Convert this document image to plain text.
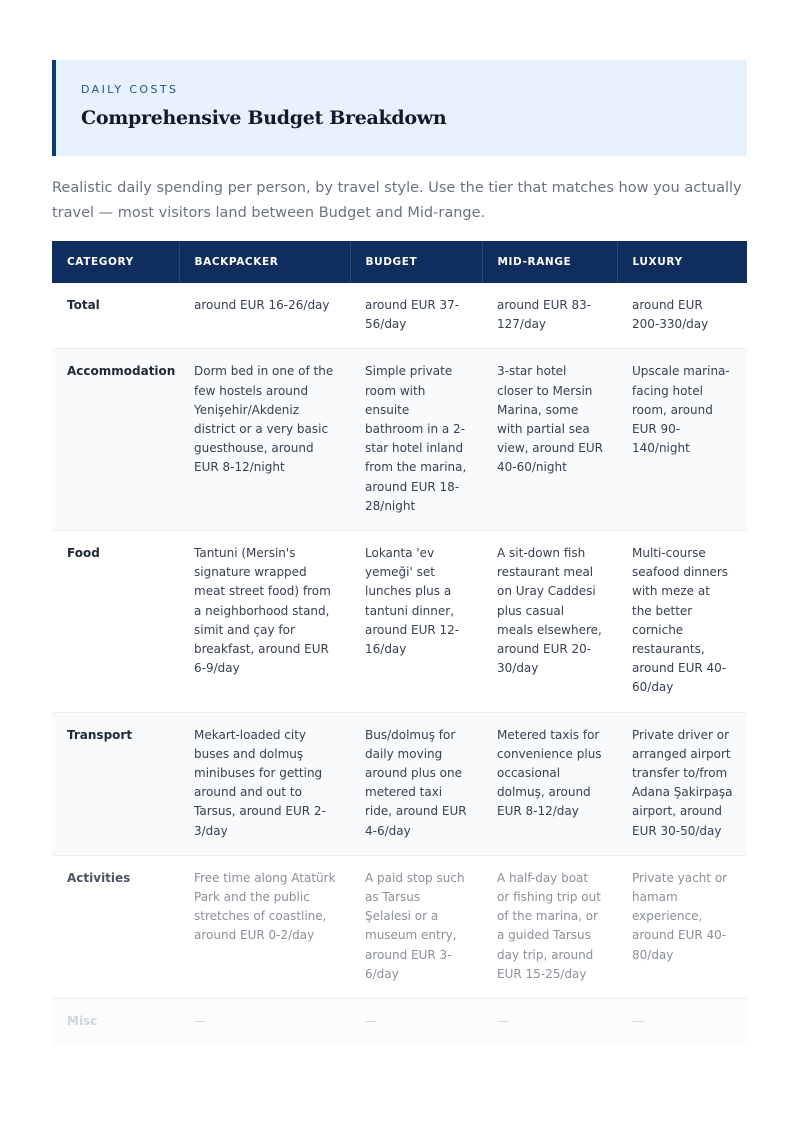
DAILY COSTS
Comprehensive Budget Breakdown

Realistic daily spending per person, by travel style. Use the tier that matches how you actually travel — most visitors land between Budget and Mid-range.

CATEGORY	BACKPACKER	BUDGET	MID-RANGE	LUXURY
Total	around EUR 16-26/day	around EUR 37-56/day	around EUR 83-127/day	around EUR 200-330/day
Accommodation	Dorm bed in one of the few hostels around Yenişehir/Akdeniz district or a very basic guesthouse, around EUR 8-12/night	Simple private room with ensuite bathroom in a 2-star hotel inland from the marina, around EUR 18-28/night	3-star hotel closer to Mersin Marina, some with partial sea view, around EUR 40-60/night	Upscale marina-facing hotel room, around EUR 90-140/night
Food	Tantuni (Mersin's signature wrapped meat street food) from a neighborhood stand, simit and çay for breakfast, around EUR 6-9/day	Lokanta 'ev yemeği' set lunches plus a tantuni dinner, around EUR 12-16/day	A sit-down fish restaurant meal on Uray Caddesi plus casual meals elsewhere, around EUR 20-30/day	Multi-course seafood dinners with meze at the better corniche restaurants, around EUR 40-60/day
Transport	Mekart-loaded city buses and dolmuş minibuses for getting around and out to Tarsus, around EUR 2-3/day	Bus/dolmuş for daily moving around plus one metered taxi ride, around EUR 4-6/day	Metered taxis for convenience plus occasional dolmuş, around EUR 8-12/day	Private driver or arranged airport transfer to/from Adana Şakirpaşa airport, around EUR 30-50/day
Activities	Free time along Atatürk Park and the public stretches of coastline, around EUR 0-2/day	A paid stop such as Tarsus Şelalesi or a museum entry, around EUR 3-6/day	A half-day boat or fishing trip out of the marina, or a guided Tarsus day trip, around EUR 15-25/day	Private yacht or hamam experience, around EUR 40-80/day
Misc	—	—	—	—
